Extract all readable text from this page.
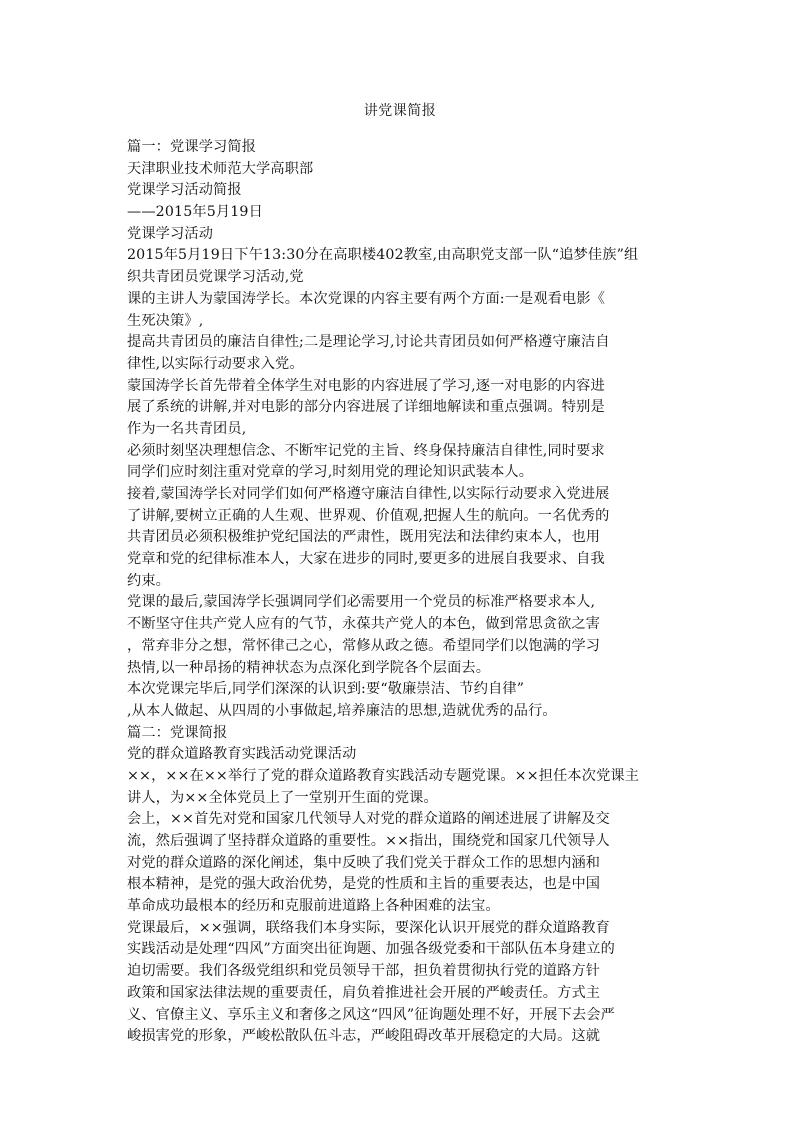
讲党课简报
篇一：党课学习简报
天津职业技术师范大学高职部
党课学习活动简报
——2015年5月19日
党课学习活动
2015年5月19日下午13:30分在高职楼402教室,由高职党支部一队“追梦佳族”组
织共青团员党课学习活动,党
课的主讲人为蒙国涛学长。本次党课的内容主要有两个方面:一是观看电影《
生死决策》,
提高共青团员的廉洁自律性;二是理论学习,讨论共青团员如何严格遵守廉洁自
律性,以实际行动要求入党。
蒙国涛学长首先带着全体学生对电影的内容进展了学习,逐一对电影的内容进
展了系统的讲解,并对电影的部分内容进展了详细地解读和重点强调。特别是
作为一名共青团员,
必须时刻坚决理想信念、不断牢记党的主旨、终身保持廉洁自律性,同时要求
同学们应时刻注重对党章的学习,时刻用党的理论知识武装本人。
接着,蒙国涛学长对同学们如何严格遵守廉洁自律性,以实际行动要求入党进展
了讲解,要树立正确的人生观、世界观、价值观,把握人生的航向。一名优秀的
共青团员必须积极维护党纪国法的严肃性，既用宪法和法律约束本人，也用
党章和党的纪律标准本人，大家在进步的同时,要更多的进展自我要求、自我
约束。
党课的最后,蒙国涛学长强调同学们必需要用一个党员的标准严格要求本人,
不断坚守住共产党人应有的气节，永葆共产党人的本色，做到常思贪欲之害
，常弃非分之想，常怀律己之心，常修从政之德。希望同学们以饱满的学习
热情,以一种昂扬的精神状态为点深化到学院各个层面去。
本次党课完毕后,同学们深深的认识到:要“敬廉崇洁、节约自律”
,从本人做起、从四周的小事做起,培养廉洁的思想,造就优秀的品行。
篇二：党课简报
党的群众道路教育实践活动党课活动
××，××在××举行了党的群众道路教育实践活动专题党课。××担任本次党课主
讲人，为××全体党员上了一堂别开生面的党课。
会上，××首先对党和国家几代领导人对党的群众道路的阐述进展了讲解及交
流，然后强调了坚持群众道路的重要性。××指出，围绕党和国家几代领导人
对党的群众道路的深化阐述，集中反映了我们党关于群众工作的思想内涵和
根本精神，是党的强大政治优势，是党的性质和主旨的重要表达，也是中国
革命成功最根本的经历和克服前进道路上各种困难的法宝。
党课最后，××强调，联络我们本身实际，要深化认识开展党的群众道路教育
实践活动是处理“四风”方面突出征询题、加强各级党委和干部队伍本身建立的
迫切需要。我们各级党组织和党员领导干部，担负着贯彻执行党的道路方针
政策和国家法律法规的重要责任，肩负着推进社会开展的严峻责任。方式主
义、官僚主义、享乐主义和奢侈之风这“四风”征询题处理不好，开展下去会严
峻损害党的形象，严峻松散队伍斗志，严峻阻碍改革开展稳定的大局。这就
